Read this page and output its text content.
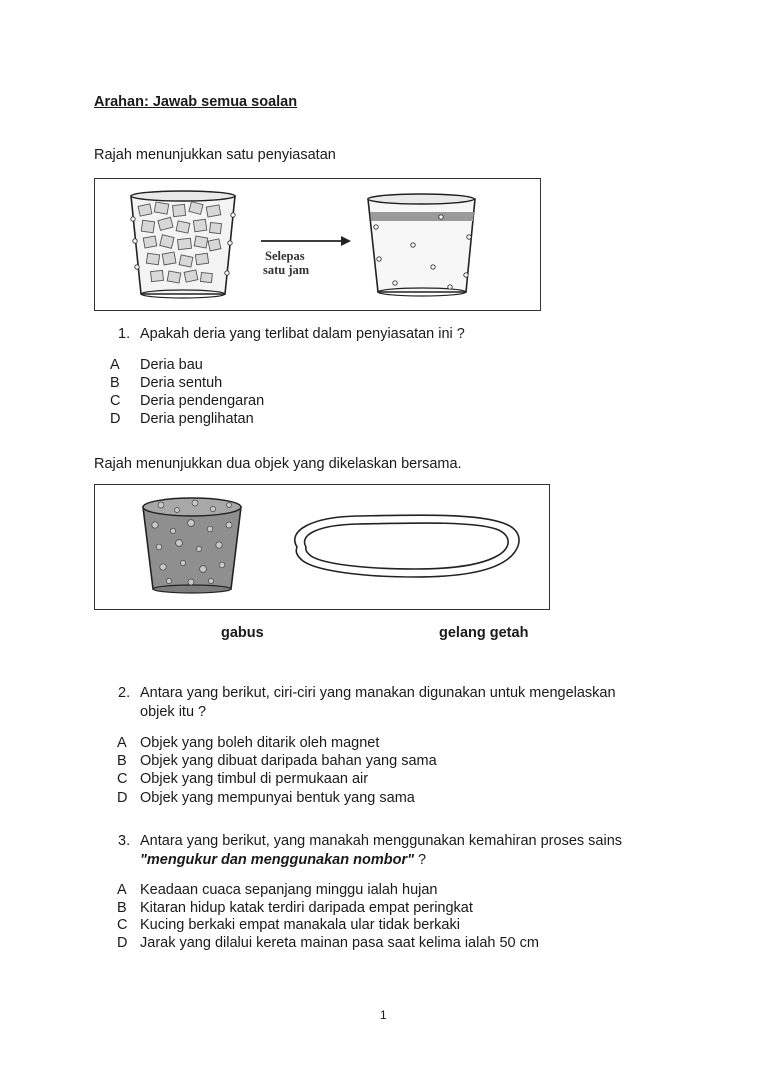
Arahan: Jawab semua soalan
Rajah menunjukkan satu penyiasatan
Selepas
satu jam
1. Apakah deria yang terlibat dalam penyiasatan ini ?
A Deria bau
B Deria sentuh
C Deria pendengaran
D Deria penglihatan
Rajah menunjukkan dua objek yang dikelaskan bersama.
gabus	gelang getah
2. Antara yang berikut, ciri-ciri yang manakan digunakan untuk mengelaskan
objek itu ?
A Objek yang boleh ditarik oleh magnet
B Objek yang dibuat daripada bahan yang sama
C Objek yang timbul di permukaan air
D Objek yang mempunyai bentuk yang sama
3. Antara yang berikut, yang manakah menggunakan kemahiran proses sains
"mengukur dan menggunakan nombor" ?
A Keadaan cuaca sepanjang minggu ialah hujan
B Kitaran hidup katak terdiri daripada empat peringkat
C Kucing berkaki empat manakala ular tidak berkaki
D Jarak yang dilalui kereta mainan pasa saat kelima ialah 50 cm
1
